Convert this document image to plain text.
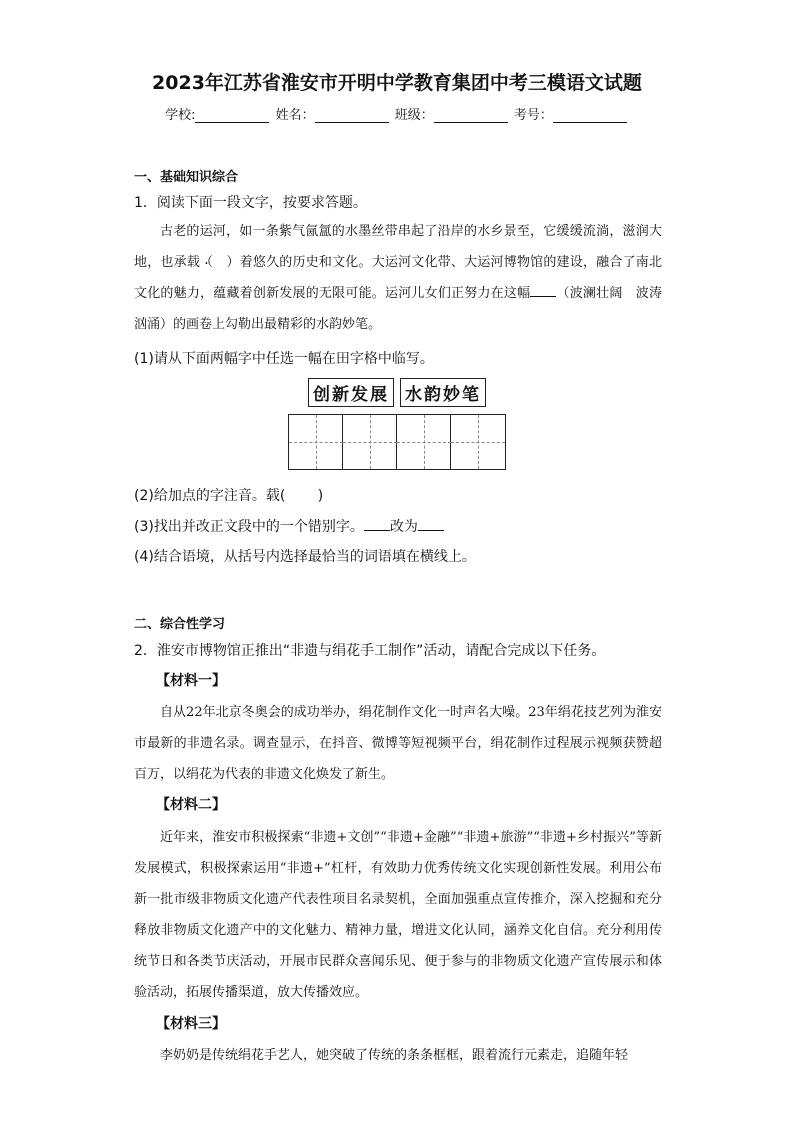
2023年江苏省淮安市开明中学教育集团中考三模语文试题
学校:	姓名：	班级：	考号：
一、基础知识综合
1．阅读下面一段文字，按要求答题。

古老的运河，如一条紫气氤氲的水墨丝带串起了沿岸的水乡景至，它缓缓流淌，滋润大地，也承载 ·（　）着悠久的历史和文化。大运河文化带、大运河博物馆的建设，融合了南北文化的魅力，蕴藏着创新发展的无限可能。运河儿女们正努力在这幅 （波澜壮阔　波涛汹涌）的画卷上勾勒出最精彩的水韵妙笔。

(1)请从下面两幅字中任选一幅在田字格中临写。
创新发展 水韵妙笔
(2)给加点的字注音。载(　　 )
(3)找出并改正文段中的一个错别字。 改为
(4)结合语境，从括号内选择最恰当的词语填在横线上。
二、综合性学习
2．淮安市博物馆正推出“非遗与绢花手工制作”活动，请配合完成以下任务。
【材料一】

自从22年北京冬奥会的成功举办，绢花制作文化一时声名大噪。23年绢花技艺列为淮安市最新的非遗名录。调查显示，在抖音、微博等短视频平台，绢花制作过程展示视频获赞超百万，以绢花为代表的非遗文化焕发了新生。

【材料二】

近年来，淮安市积极探索“非遗+文创”“非遗+金融”“非遗+旅游”“非遗+乡村振兴”等新发展模式，积极探索运用“非遗+”杠杆，有效助力优秀传统文化实现创新性发展。利用公布新一批市级非物质文化遗产代表性项目名录契机，全面加强重点宣传推介，深入挖掘和充分释放非物质文化遗产中的文化魅力、精神力量，增进文化认同，涵养文化自信。充分利用传统节日和各类节庆活动，开展市民群众喜闻乐见、便于参与的非物质文化遗产宣传展示和体验活动，拓展传播渠道，放大传播效应。

【材料三】

李奶奶是传统绢花手艺人，她突破了传统的条条框框，跟着流行元素走，追随年轻
